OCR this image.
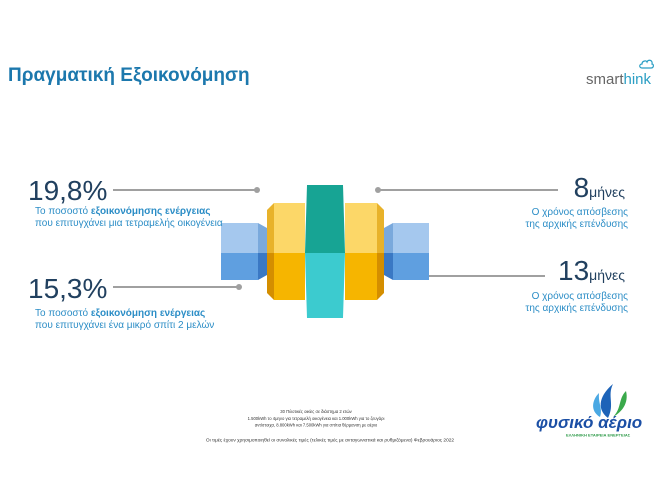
Πραγματική Εξοικονόμηση	smarthink
19,8%
Το ποσοστό εξοικονόμησης ενέργειας
που επιτυγχάνει μια τετραμελής οικογένεια
15,3%
Το ποσοστό εξοικονόμηση ενέργειας
που επιτυγχάνει ένα μικρό σπίτι 2 μελών
8μήνες
Ο χρόνος απόσβεσης
της αρχικής επένδυσης
13μήνες
Ο χρόνος απόσβεσης
της αρχικής επένδυσης
30 Πιλοτικές οικίες σε διάστημα 2 ετών
1.500kWh το 4μηνο για τετραμελή οικογένεια και 1.000kWh για το ζευγάρι
αντίστοιχα, 8.800kWh και 7.500kWh για σπίτια θέρμανση με αέριο
Οι τιμές έχουν χρησιμοποιηθεί οι συνολικές τιμές (τελικές τιμές με ανταγωνιστικά και ρυθμιζόμενα) Φεβρουάριος 2022
φυσικό αέριο
ΕΛΛΗΝΙΚΗ ΕΤΑΙΡΕΙΑ ΕΝΕΡΓΕΙΑΣ
